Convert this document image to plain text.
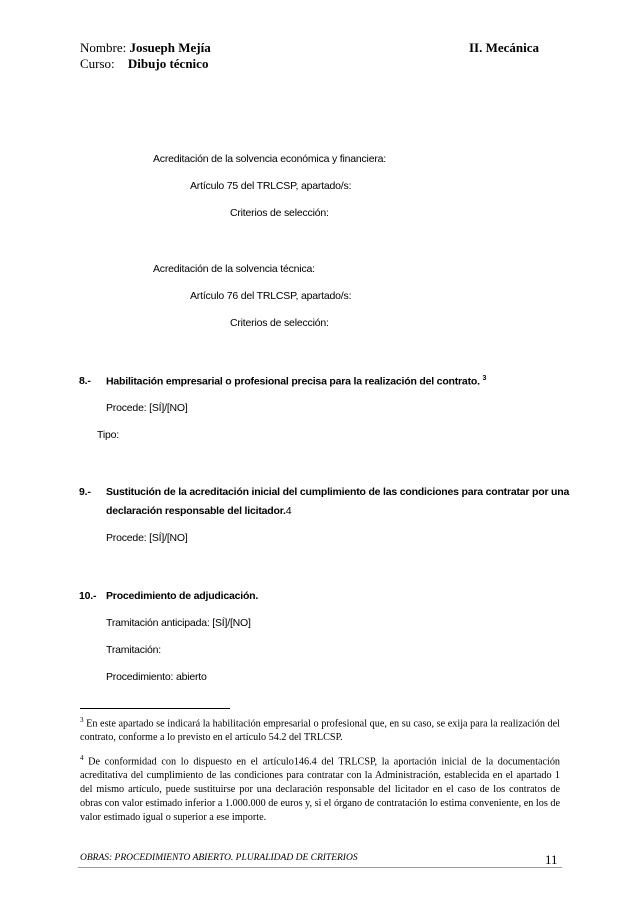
Nombre: Josueph Mejía
Curso: Dibujo técnico
II. Mecánica
Acreditación de la solvencia económica y financiera:
Artículo 75 del TRLCSP, apartado/s:
Criterios de selección:
Acreditación de la solvencia técnica:
Artículo 76 del TRLCSP, apartado/s:
Criterios de selección:
8.- Habilitación empresarial o profesional precisa para la realización del contrato. $^3$
Procede: [SÍ]/[NO]
Tipo:
9.- Sustitución de la acreditación inicial del cumplimiento de las condiciones para contratar por una
declaración responsable del licitador.4
Procede: [SÍ]/[NO]
10.- Procedimiento de adjudicación.
Tramitación anticipada: [SÍ]/[NO]
Tramitación:
Procedimiento: abierto
$^3$ En este apartado se indicará la habilitación empresarial o profesional que, en su caso, se exija para la realización del contrato, conforme a lo previsto en el artículo 54.2 del TRLCSP.
$^4$ De conformidad con lo dispuesto en el artículo146.4 del TRLCSP, la aportación inicial de la documentación acreditativa del cumplimiento de las condiciones para contratar con la Administración, establecida en el apartado 1 del mismo artículo, puede sustituirse por una declaración responsable del licitador en el caso de los contratos de obras con valor estimado inferior a 1.000.000 de euros y, si el órgano de contratación lo estima conveniente, en los de valor estimado igual o superior a ese importe.
OBRAS: PROCEDIMIENTO ABIERTO. PLURALIDAD DE CRITERIOS	11
